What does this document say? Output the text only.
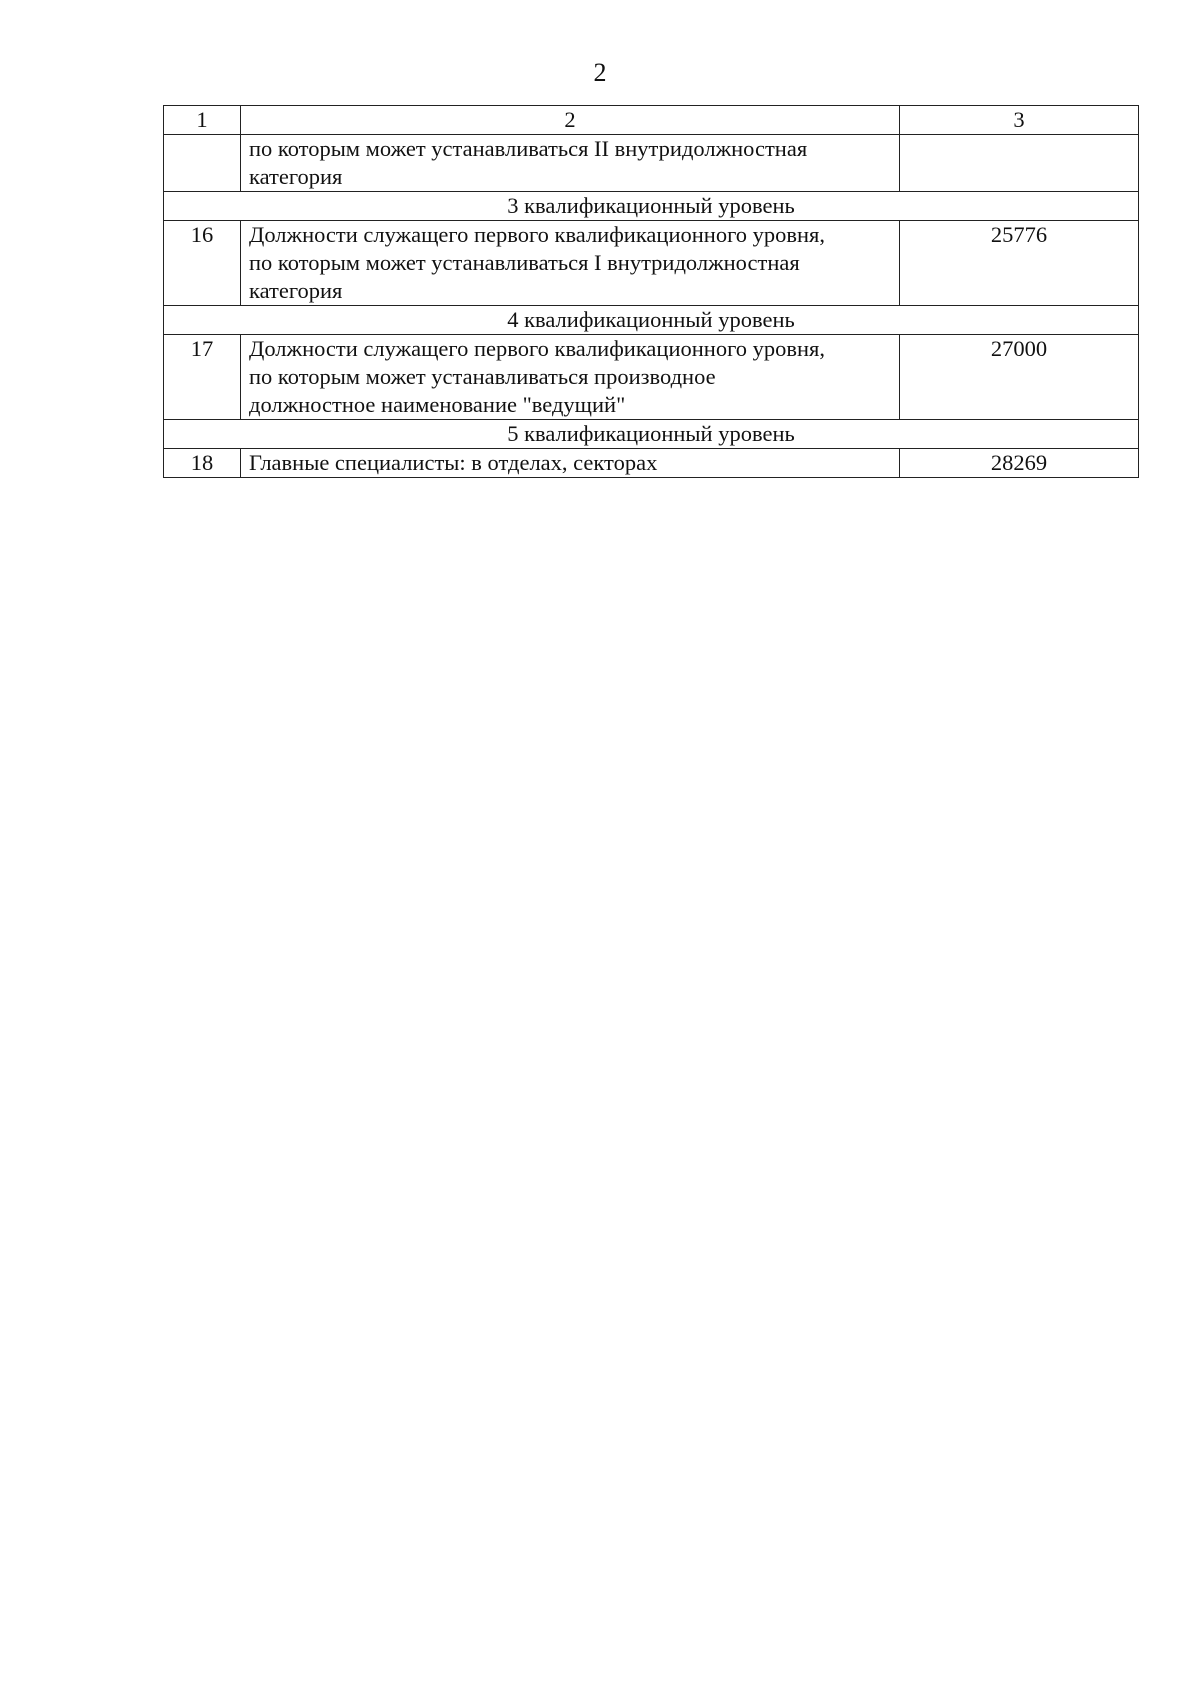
2
1	2	3

	по которым может устанавливаться II внутридолжностная
категория	

3 квалификационный уровень		
16	Должности служащего первого квалификационного уровня,
по которым может устанавливаться I внутридолжностная
категория	25776
4 квалификационный уровень		
17	Должности служащего первого квалификационного уровня,
по которым может устанавливаться производное
должностное наименование "ведущий"	27000
5 квалификационный уровень		
18	Главные специалисты: в отделах, секторах	28269
